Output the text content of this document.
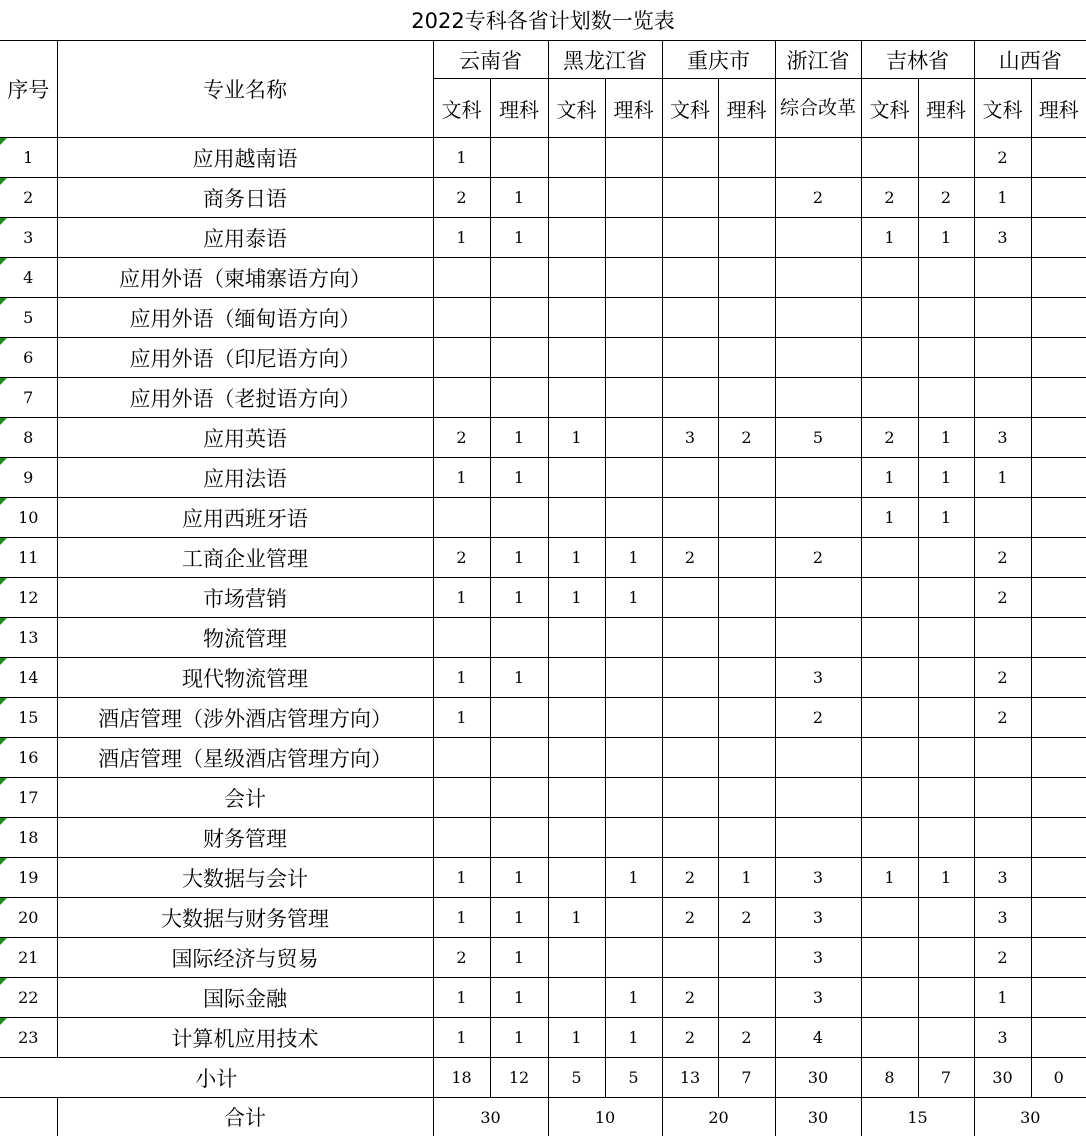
2022专科各省计划数一览表
序号	专业名称	云南省		黑龙江省		重庆市		浙江省	吉林省		山西省	
		文科	理科	文科	理科	文科	理科	综合改革	文科	理科	文科	理科
1	应用越南语	1									2	
2	商务日语	2	1					2	2	2	1	
3	应用泰语	1	1						1	1	3	
4	应用外语（柬埔寨语方向）											
5	应用外语（缅甸语方向）											
6	应用外语（印尼语方向）											
7	应用外语（老挝语方向）											
8	应用英语	2	1	1		3	2	5	2	1	3	
9	应用法语	1	1						1	1	1	
10	应用西班牙语								1	1		
11	工商企业管理	2	1	1	1	2		2			2	
12	市场营销	1	1	1	1						2	
13	物流管理											
14	现代物流管理	1	1					3			2	
15	酒店管理（涉外酒店管理方向）	1						2			2	
16	酒店管理（星级酒店管理方向）											
17	会计											
18	财务管理											
19	大数据与会计	1	1		1	2	1	3	1	1	3	
20	大数据与财务管理	1	1	1		2	2	3			3	
21	国际经济与贸易	2	1					3			2	
22	国际金融	1	1		1	2		3			1	
23	计算机应用技术	1	1	1	1	2	2	4			3	
小计		18	12	5	5	13	7	30	8	7	30	0
	合计	30		10		20		30	15		30	
